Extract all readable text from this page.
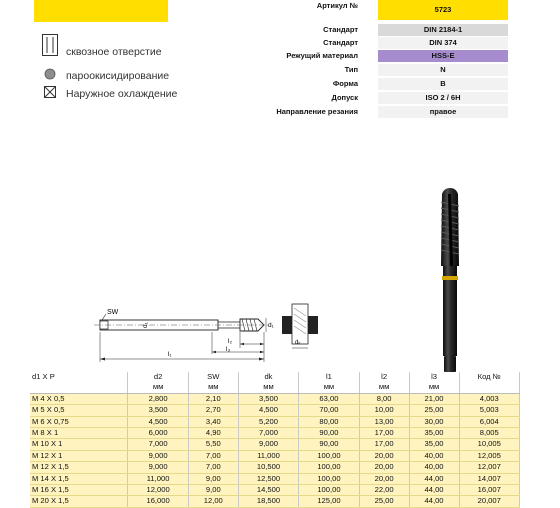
сквозное отверстие
пароокисидирование
Наружное охлаждение
Артикул №	5723
Стандарт	DIN 2184-1
Стандарт	DIN 374
Режущий материал	HSS-E
Тип	N
Форма	B
Допуск	ISO 2 / 6H
Направление резания	правое
SW
d₁	d₁
l₁
l₂
l₃
dₖ
d1 X P	d2	SW	dk	l1	l2	l3	Код №
	мм	мм	мм	мм	мм	мм	
M 4 X 0,5	2,800	2,10	3,500	63,00	8,00	21,00	4,003
M 5 X 0,5	3,500	2,70	4,500	70,00	10,00	25,00	5,003
M 6 X 0,75	4,500	3,40	5,200	80,00	13,00	30,00	6,004
M 8 X 1	6,000	4,90	7,000	90,00	17,00	35,00	8,005
M 10 X 1	7,000	5,50	9,000	90,00	17,00	35,00	10,005
M 12 X 1	9,000	7,00	11,000	100,00	20,00	40,00	12,005
M 12 X 1,5	9,000	7,00	10,500	100,00	20,00	40,00	12,007
M 14 X 1,5	11,000	9,00	12,500	100,00	20,00	44,00	14,007
M 16 X 1,5	12,000	9,00	14,500	100,00	22,00	44,00	16,007
M 20 X 1,5	16,000	12,00	18,500	125,00	25,00	44,00	20,007
